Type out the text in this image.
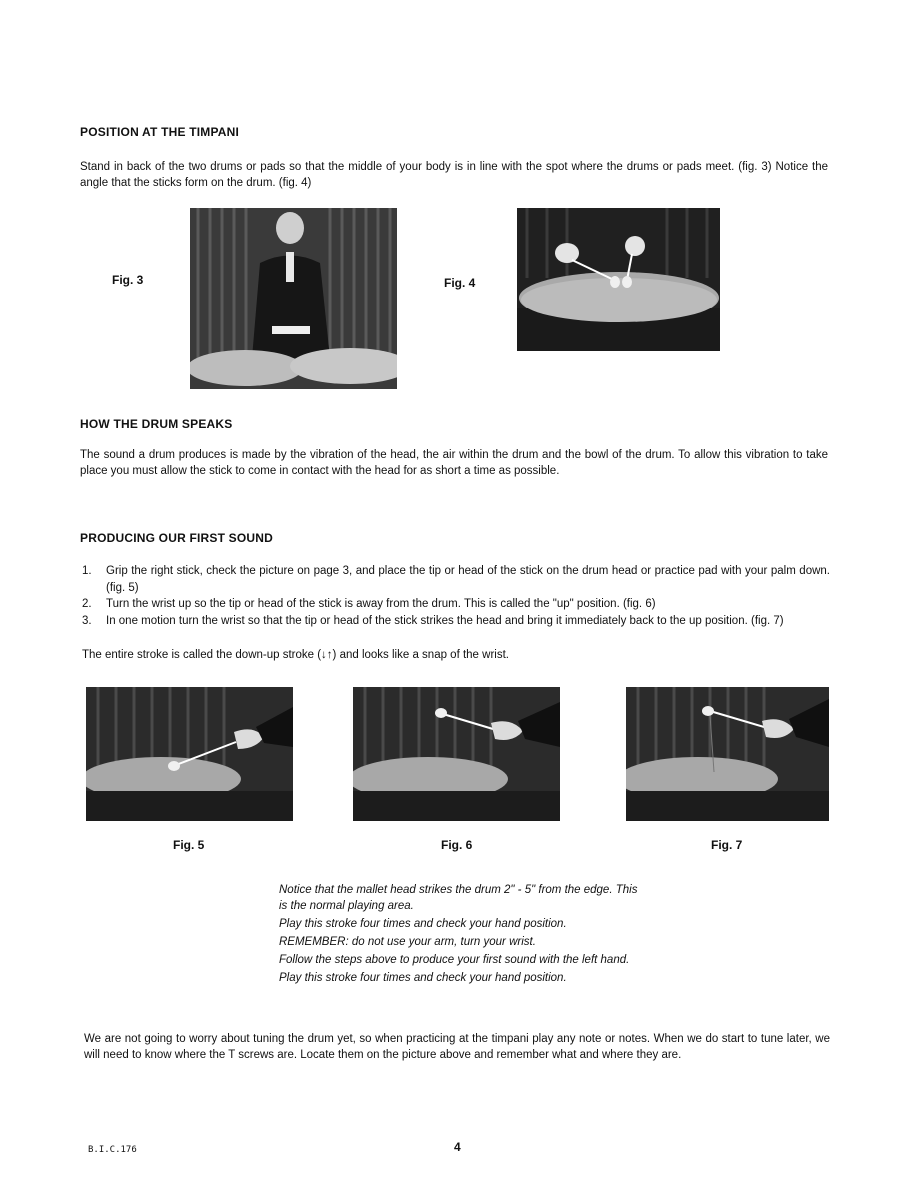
POSITION AT THE TIMPANI
Stand in back of the two drums or pads so that the middle of your body is in line with the spot where the drums or pads meet. (fig. 3) Notice the angle that the sticks form on the drum. (fig. 4)
Fig. 3	Fig. 4
HOW THE DRUM SPEAKS
The sound a drum produces is made by the vibration of the head, the air within the drum and the bowl of the drum. To allow this vibration to take place you must allow the stick to come in contact with the head for as short a time as possible.
PRODUCING OUR FIRST SOUND
1. Grip the right stick, check the picture on page 3, and place the tip or head of the stick on the drum head or practice pad with your palm down. (fig. 5)
2. Turn the wrist up so the tip or head of the stick is away from the drum. This is called the "up" position. (fig. 6)
3. In one motion turn the wrist so that the tip or head of the stick strikes the head and bring it immediately back to the up position. (fig. 7)
The entire stroke is called the down-up stroke (↓↑) and looks like a snap of the wrist.
Fig. 5	Fig. 6	Fig. 7

Notice that the mallet head strikes the drum 2" - 5" from the edge. This is the normal playing area.

Play this stroke four times and check your hand position.

REMEMBER: do not use your arm, turn your wrist.

Follow the steps above to produce your first sound with the left hand.

Play this stroke four times and check your hand position.

We are not going to worry about tuning the drum yet, so when practicing at the timpani play any note or notes. When we do start to tune later, we will need to know where the T screws are. Locate them on the picture above and remember what and where they are.
B.I.C.176	4
